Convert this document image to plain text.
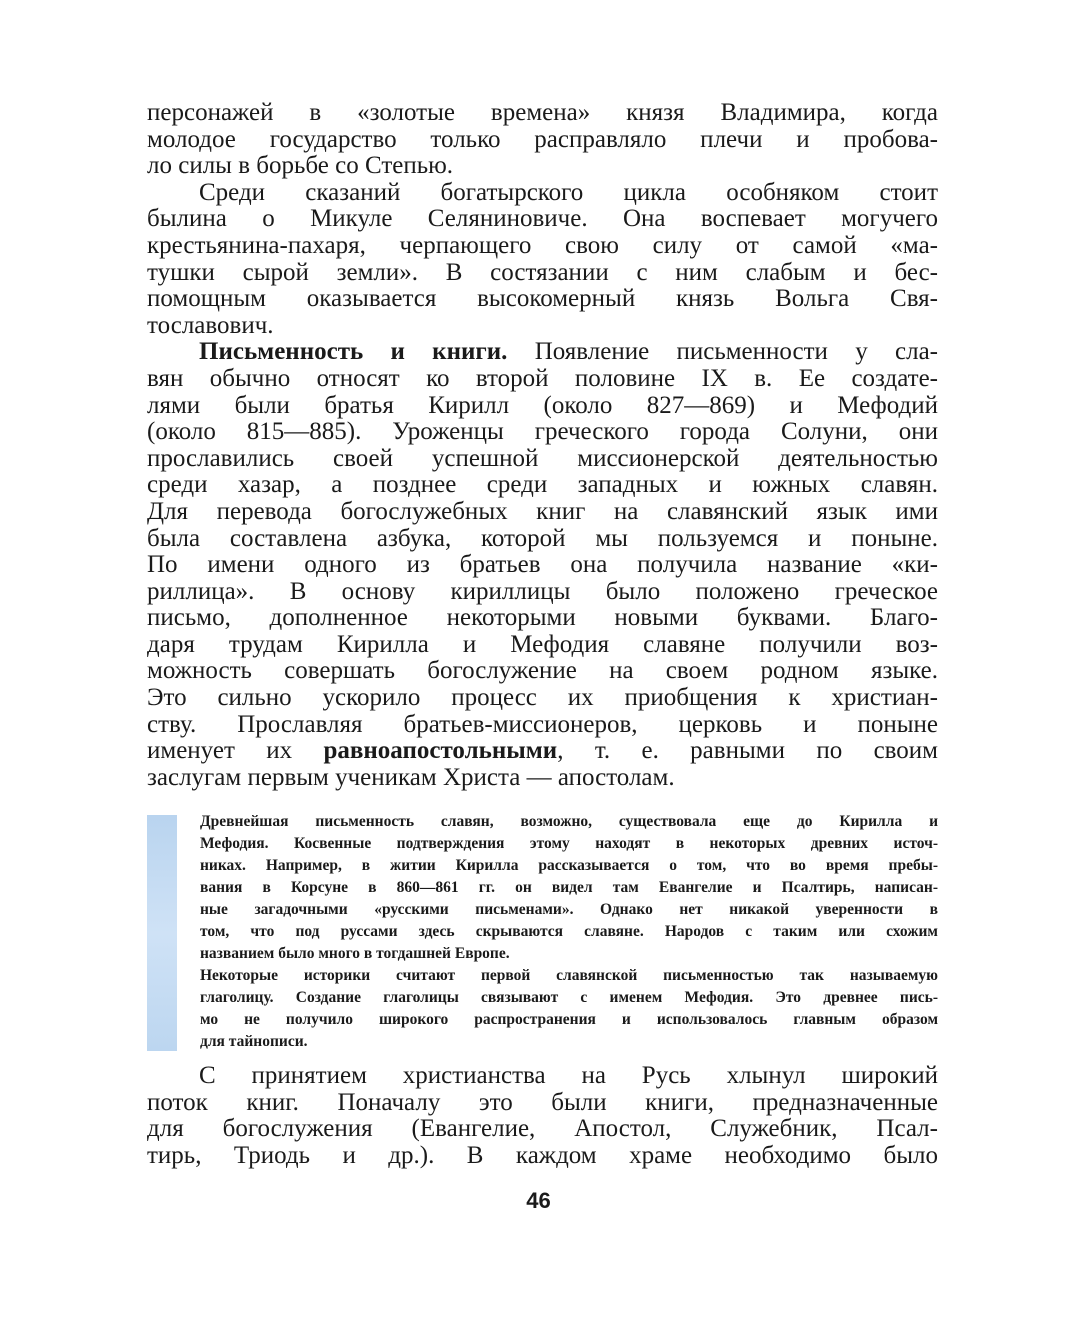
персонажей в «золотые времена» князя Владимира, когда
молодое государство только расправляло плечи и пробова-
ло силы в борьбе со Степью.
Среди сказаний богатырского цикла особняком стоит
былина о Микуле Селяниновиче. Она воспевает могучего
крестьянина-пахаря, черпающего свою силу от самой «ма-
тушки сырой земли». В состязании с ним слабым и бес-
помощным оказывается высокомерный князь Вольга Свя-
тославович.
Письменность и книги. Появление письменности у сла-
вян обычно относят ко второй половине IX в. Ее создате-
лями были братья Кирилл (около 827—869) и Мефодий
(около 815—885). Уроженцы греческого города Солуни, они
прославились своей успешной миссионерской деятельностью
среди хазар, а позднее среди западных и южных славян.
Для перевода богослужебных книг на славянский язык ими
была составлена азбука, которой мы пользуемся и поныне.
По имени одного из братьев она получила название «ки-
риллица». В основу кириллицы было положено греческое
письмо, дополненное некоторыми новыми буквами. Благо-
даря трудам Кирилла и Мефодия славяне получили воз-
можность совершать богослужение на своем родном языке.
Это сильно ускорило процесс их приобщения к христиан-
ству. Прославляя братьев-миссионеров, церковь и поныне
именует их равноапостольными, т. е. равными по своим
заслугам первым ученикам Христа — апостолам.
Древнейшая письменность славян, возможно, существовала еще до Кирилла и
Мефодия. Косвенные подтверждения этому находят в некоторых древних источ-
никах. Например, в житии Кирилла рассказывается о том, что во время пребы-
вания в Корсуне в 860—861 гг. он видел там Евангелие и Псалтирь, написан-
ные загадочными «русскими письменами». Однако нет никакой уверенности в
том, что под руссами здесь скрываются славяне. Народов с таким или схожим
названием было много в тогдашней Европе.
Некоторые историки считают первой славянской письменностью так называемую
глаголицу. Создание глаголицы связывают с именем Мефодия. Это древнее пись-
мо не получило широкого распространения и использовалось главным образом
для тайнописи.
С принятием христианства на Русь хлынул широкий
поток книг. Поначалу это были книги, предназначенные
для богослужения (Евангелие, Апостол, Служебник, Псал-
тирь, Триодь и др.). В каждом храме необходимо было
46
